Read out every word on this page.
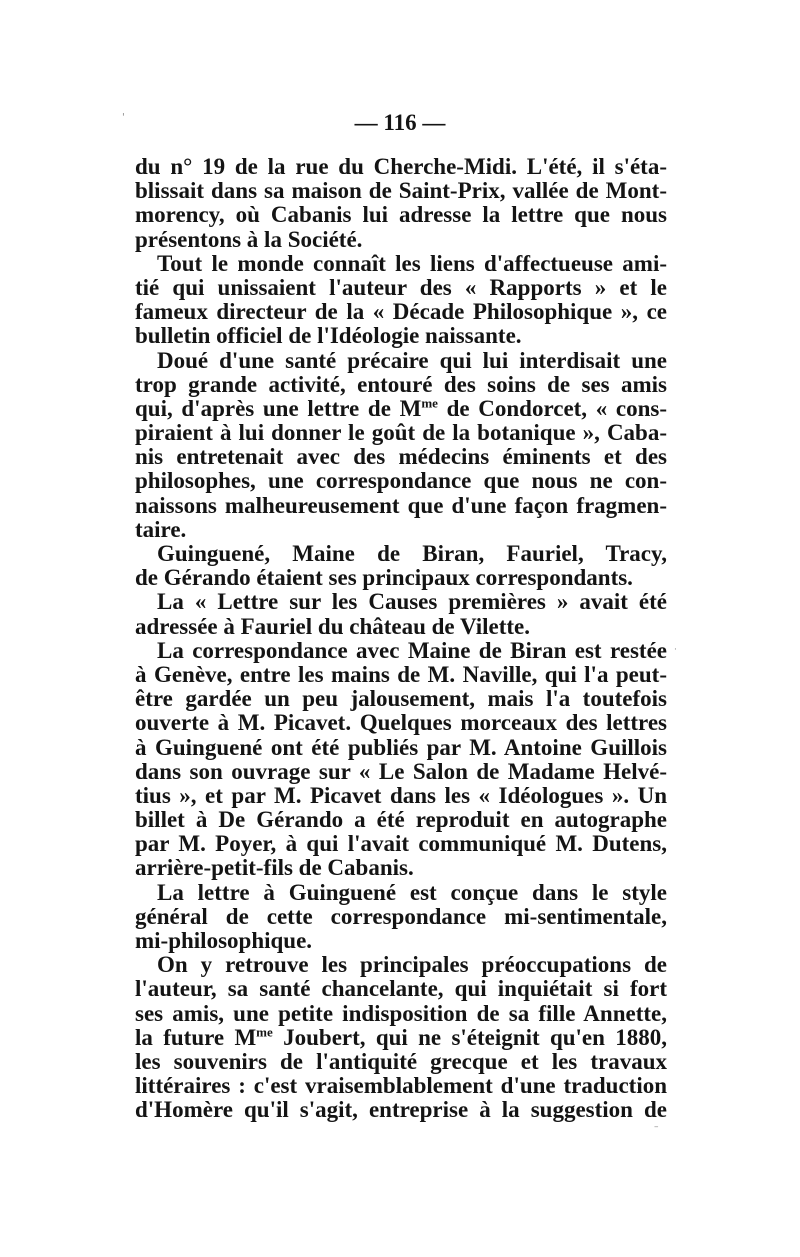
— 116 —
'
·
–
du n° 19 de la rue du Cherche-Midi. L'été, il s'éta-
blissait dans sa maison de Saint-Prix, vallée de Mont-
morency, où Cabanis lui adresse la lettre que nous
présentons à la Société.
Tout le monde connaît les liens d'affectueuse ami-
tié qui unissaient l'auteur des « Rapports » et le
fameux directeur de la « Décade Philosophique », ce
bulletin officiel de l'Idéologie naissante.
Doué d'une santé précaire qui lui interdisait une
trop grande activité, entouré des soins de ses amis
qui, d'après une lettre de $M^{me}$ de Condorcet, « cons-
piraient à lui donner le goût de la botanique », Caba-
nis entretenait avec des médecins éminents et des
philosophes, une correspondance que nous ne con-
naissons malheureusement que d'une façon fragmen-
taire.
Guinguené, Maine de Biran, Fauriel, Tracy,
de Gérando étaient ses principaux correspondants.
La « Lettre sur les Causes premières » avait été
adressée à Fauriel du château de Vilette.
La correspondance avec Maine de Biran est restée
à Genève, entre les mains de M. Naville, qui l'a peut-
être gardée un peu jalousement, mais l'a toutefois
ouverte à M. Picavet. Quelques morceaux des lettres
à Guinguené ont été publiés par M. Antoine Guillois
dans son ouvrage sur « Le Salon de Madame Helvé-
tius », et par M. Picavet dans les « Idéologues ». Un
billet à De Gérando a été reproduit en autographe
par M. Poyer, à qui l'avait communiqué M. Dutens,
arrière-petit-fils de Cabanis.
La lettre à Guinguené est conçue dans le style
général de cette correspondance mi-sentimentale,
mi-philosophique.
On y retrouve les principales préoccupations de
l'auteur, sa santé chancelante, qui inquiétait si fort
ses amis, une petite indisposition de sa fille Annette,
la future $M^{me}$ Joubert, qui ne s'éteignit qu'en 1880,
les souvenirs de l'antiquité grecque et les travaux
littéraires : c'est vraisemblablement d'une traduction
d'Homère qu'il s'agit, entreprise à la suggestion de
